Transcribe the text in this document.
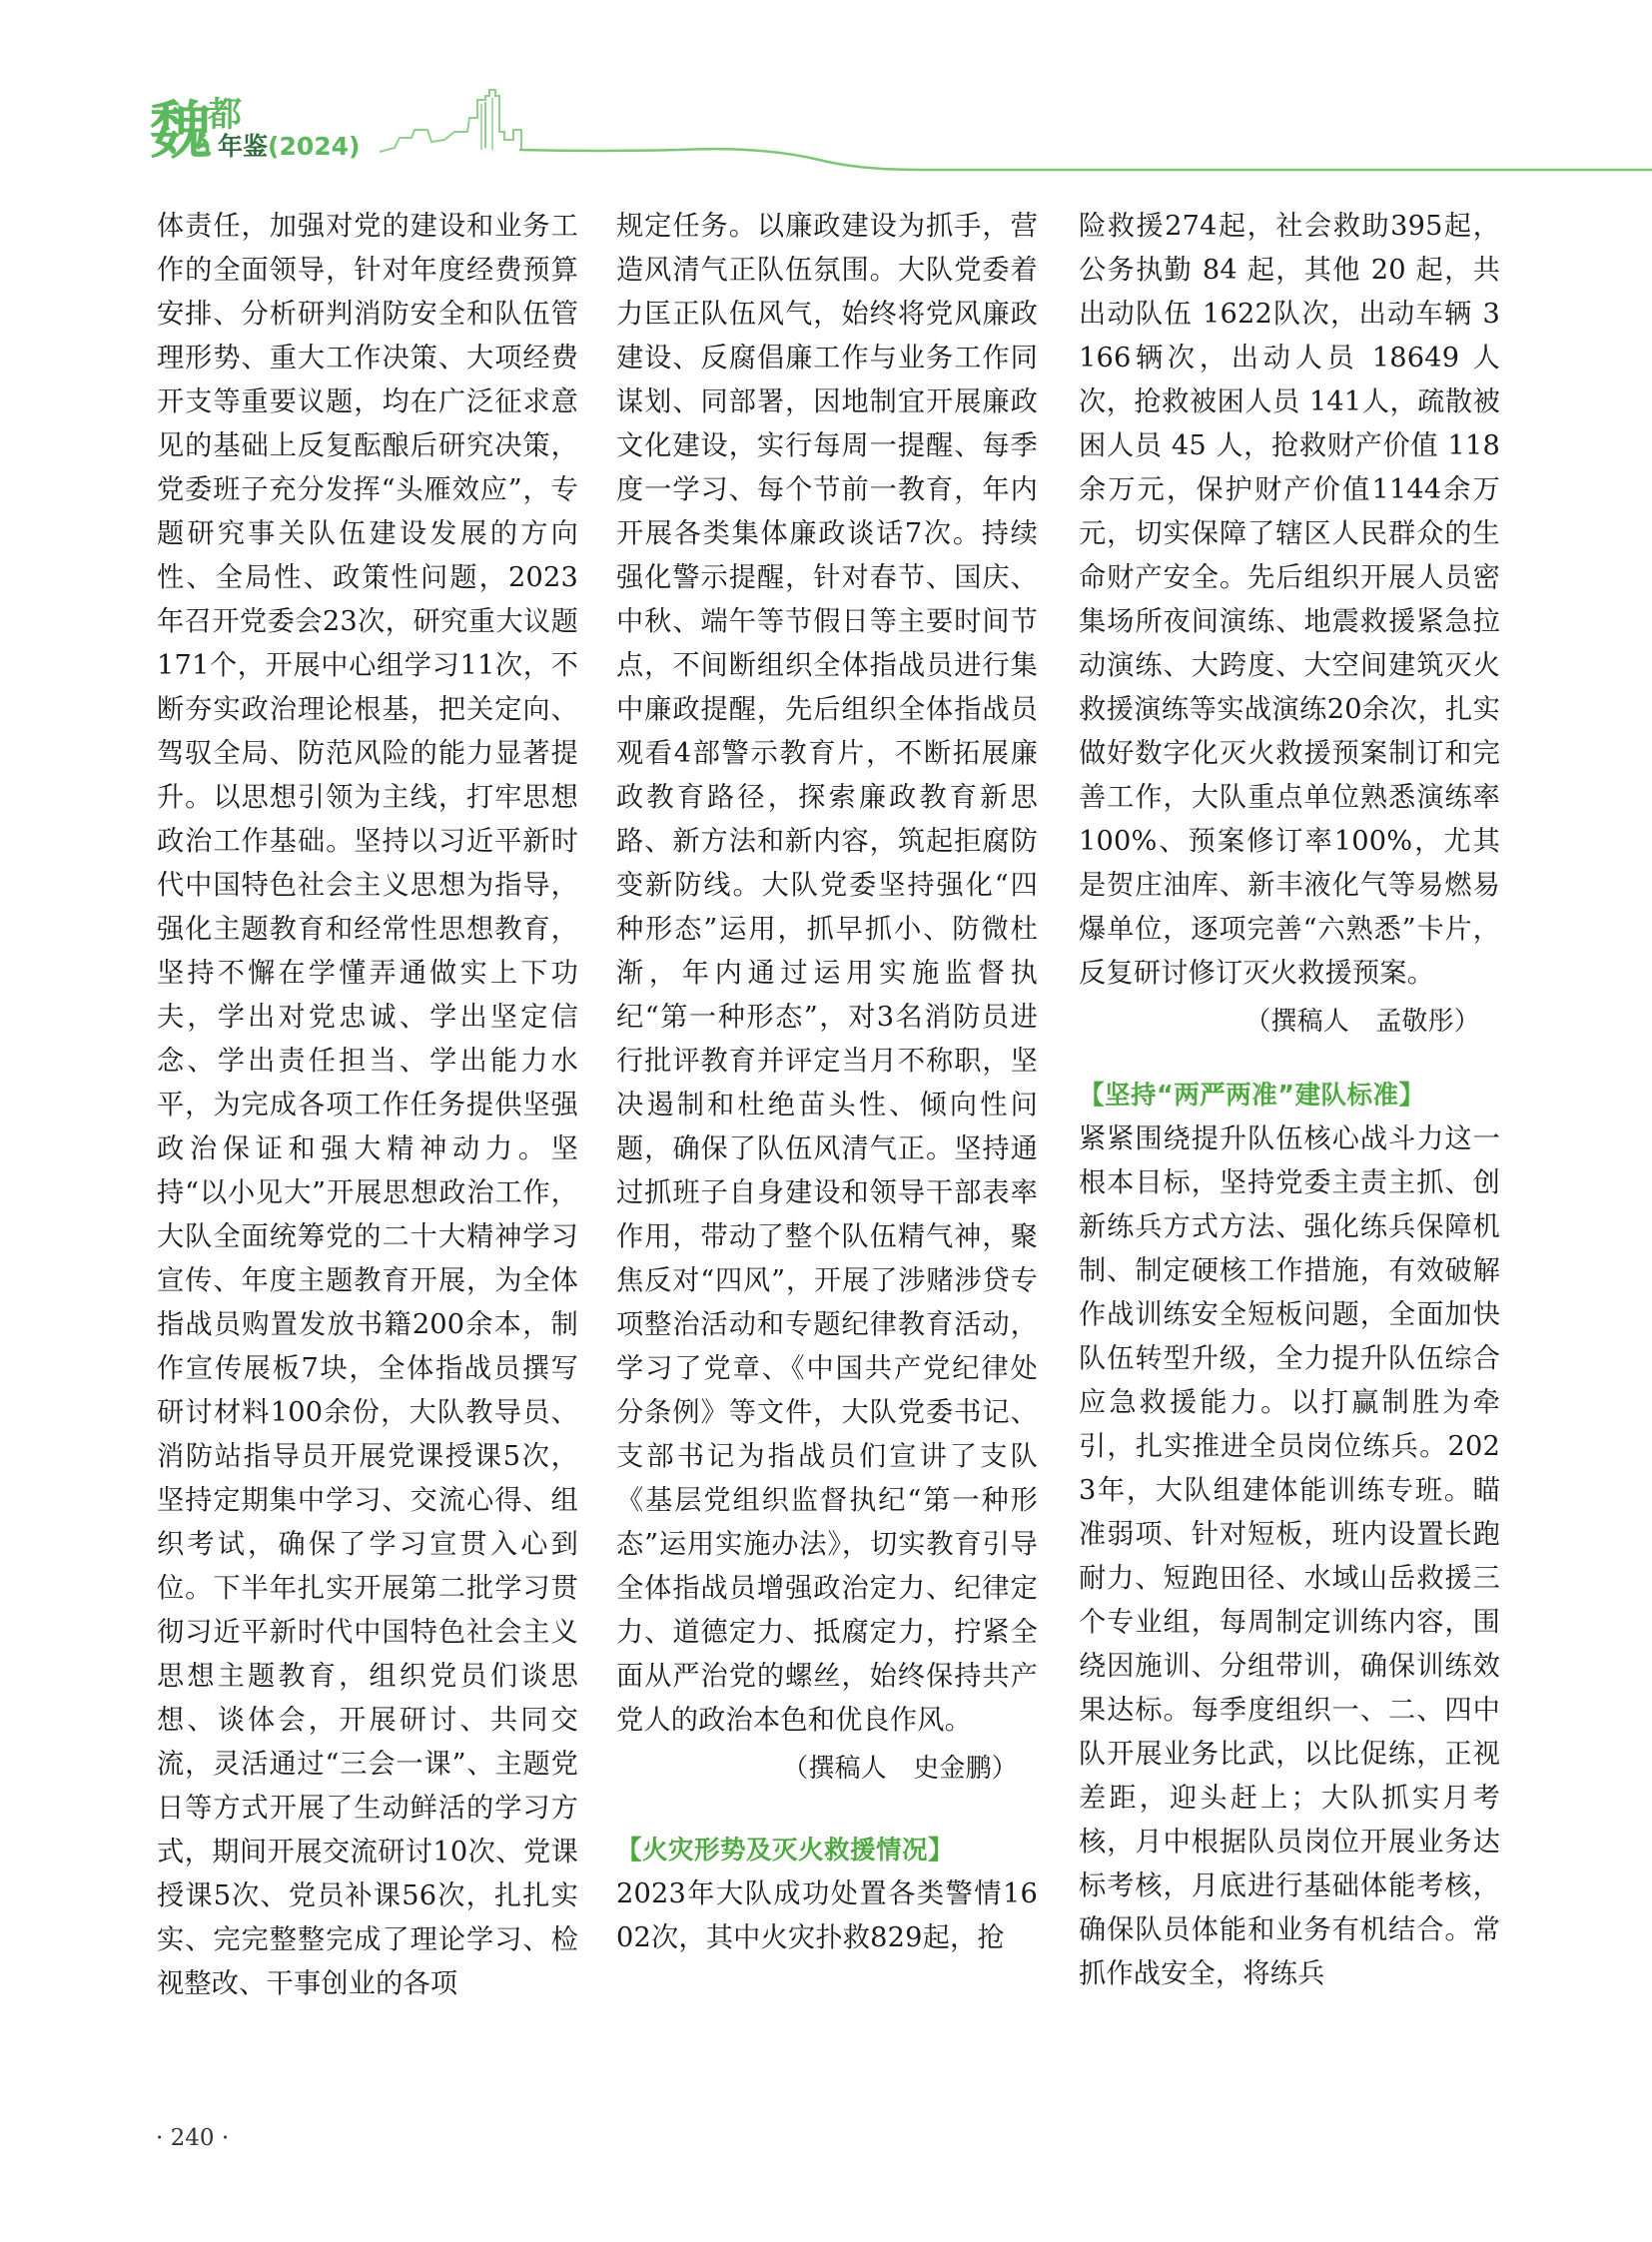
魏
都
年鉴(2024)

体责任，加强对党的建设和业务工作的全面领导，针对年度经费预算安排、分析研判消防安全和队伍管理形势、重大工作决策、大项经费开支等重要议题，均在广泛征求意见的基础上反复酝酿后研究决策，党委班子充分发挥“头雁效应”，专题研究事关队伍建设发展的方向性、全局性、政策性问题，2023年召开党委会23次，研究重大议题171个，开展中心组学习11次，不断夯实政治理论根基，把关定向、驾驭全局、防范风险的能力显著提升。以思想引领为主线，打牢思想政治工作基础。坚持以习近平新时代中国特色社会主义思想为指导，强化主题教育和经常性思想教育，坚持不懈在学懂弄通做实上下功夫，学出对党忠诚、学出坚定信念、学出责任担当、学出能力水平，为完成各项工作任务提供坚强政治保证和强大精神动力。坚持“以小见大”开展思想政治工作，大队全面统筹党的二十大精神学习宣传、年度主题教育开展，为全体指战员购置发放书籍200余本，制作宣传展板7块，全体指战员撰写研讨材料100余份，大队教导员、消防站指导员开展党课授课5次，坚持定期集中学习、交流心得、组织考试，确保了学习宣贯入心到位。下半年扎实开展第二批学习贯彻习近平新时代中国特色社会主义思想主题教育，组织党员们谈思想、谈体会，开展研讨、共同交流，灵活通过“三会一课”、主题党日等方式开展了生动鲜活的学习方式，期间开展交流研讨10次、党课授课5次、党员补课56次，扎扎实实、完完整整完成了理论学习、检视整改、干事创业的各项

规定任务。以廉政建设为抓手，营造风清气正队伍氛围。大队党委着力匡正队伍风气，始终将党风廉政建设、反腐倡廉工作与业务工作同谋划、同部署，因地制宜开展廉政文化建设，实行每周一提醒、每季度一学习、每个节前一教育，年内开展各类集体廉政谈话7次。持续强化警示提醒，针对春节、国庆、中秋、端午等节假日等主要时间节点，不间断组织全体指战员进行集中廉政提醒，先后组织全体指战员观看4部警示教育片，不断拓展廉政教育路径，探索廉政教育新思路、新方法和新内容，筑起拒腐防变新防线。大队党委坚持强化“四种形态”运用，抓早抓小、防微杜渐，年内通过运用实施监督执纪“第一种形态”，对3名消防员进行批评教育并评定当月不称职，坚决遏制和杜绝苗头性、倾向性问题，确保了队伍风清气正。坚持通过抓班子自身建设和领导干部表率作用，带动了整个队伍精气神，聚焦反对“四风”，开展了涉赌涉贷专项整治活动和专题纪律教育活动，学习了党章、《中国共产党纪律处分条例》等文件，大队党委书记、支部书记为指战员们宣讲了支队《基层党组织监督执纪“第一种形态”运用实施办法》，切实教育引导全体指战员增强政治定力、纪律定力、道德定力、抵腐定力，拧紧全面从严治党的螺丝，始终保持共产党人的政治本色和优良作风。

（撰稿人　史金鹏）

【火灾形势及灭火救援情况】

2023年大队成功处置各类警情1602次，其中火灾扑救829起，抢

险救援274起，社会救助395起，公务执勤 84 起，其他 20 起，共出动队伍 1622队次，出动车辆 3166辆次，出动人员 18649 人次，抢救被困人员 141人，疏散被困人员 45 人，抢救财产价值 118余万元，保护财产价值1144余万元，切实保障了辖区人民群众的生命财产安全。先后组织开展人员密集场所夜间演练、地震救援紧急拉动演练、大跨度、大空间建筑灭火救援演练等实战演练20余次，扎实做好数字化灭火救援预案制订和完善工作，大队重点单位熟悉演练率100%、预案修订率100%，尤其是贺庄油库、新丰液化气等易燃易爆单位，逐项完善“六熟悉”卡片，反复研讨修订灭火救援预案。

（撰稿人　孟敬彤）

【坚持“两严两准”建队标准】

紧紧围绕提升队伍核心战斗力这一根本目标，坚持党委主责主抓、创新练兵方式方法、强化练兵保障机制、制定硬核工作措施，有效破解作战训练安全短板问题，全面加快队伍转型升级，全力提升队伍综合应急救援能力。以打赢制胜为牵引，扎实推进全员岗位练兵。2023年，大队组建体能训练专班。瞄准弱项、针对短板，班内设置长跑耐力、短跑田径、水域山岳救援三个专业组，每周制定训练内容，围绕因施训、分组带训，确保训练效果达标。每季度组织一、二、四中队开展业务比武，以比促练，正视差距，迎头赶上；大队抓实月考核，月中根据队员岗位开展业务达标考核，月底进行基础体能考核，确保队员体能和业务有机结合。常抓作战安全，将练兵

· 240 ·
